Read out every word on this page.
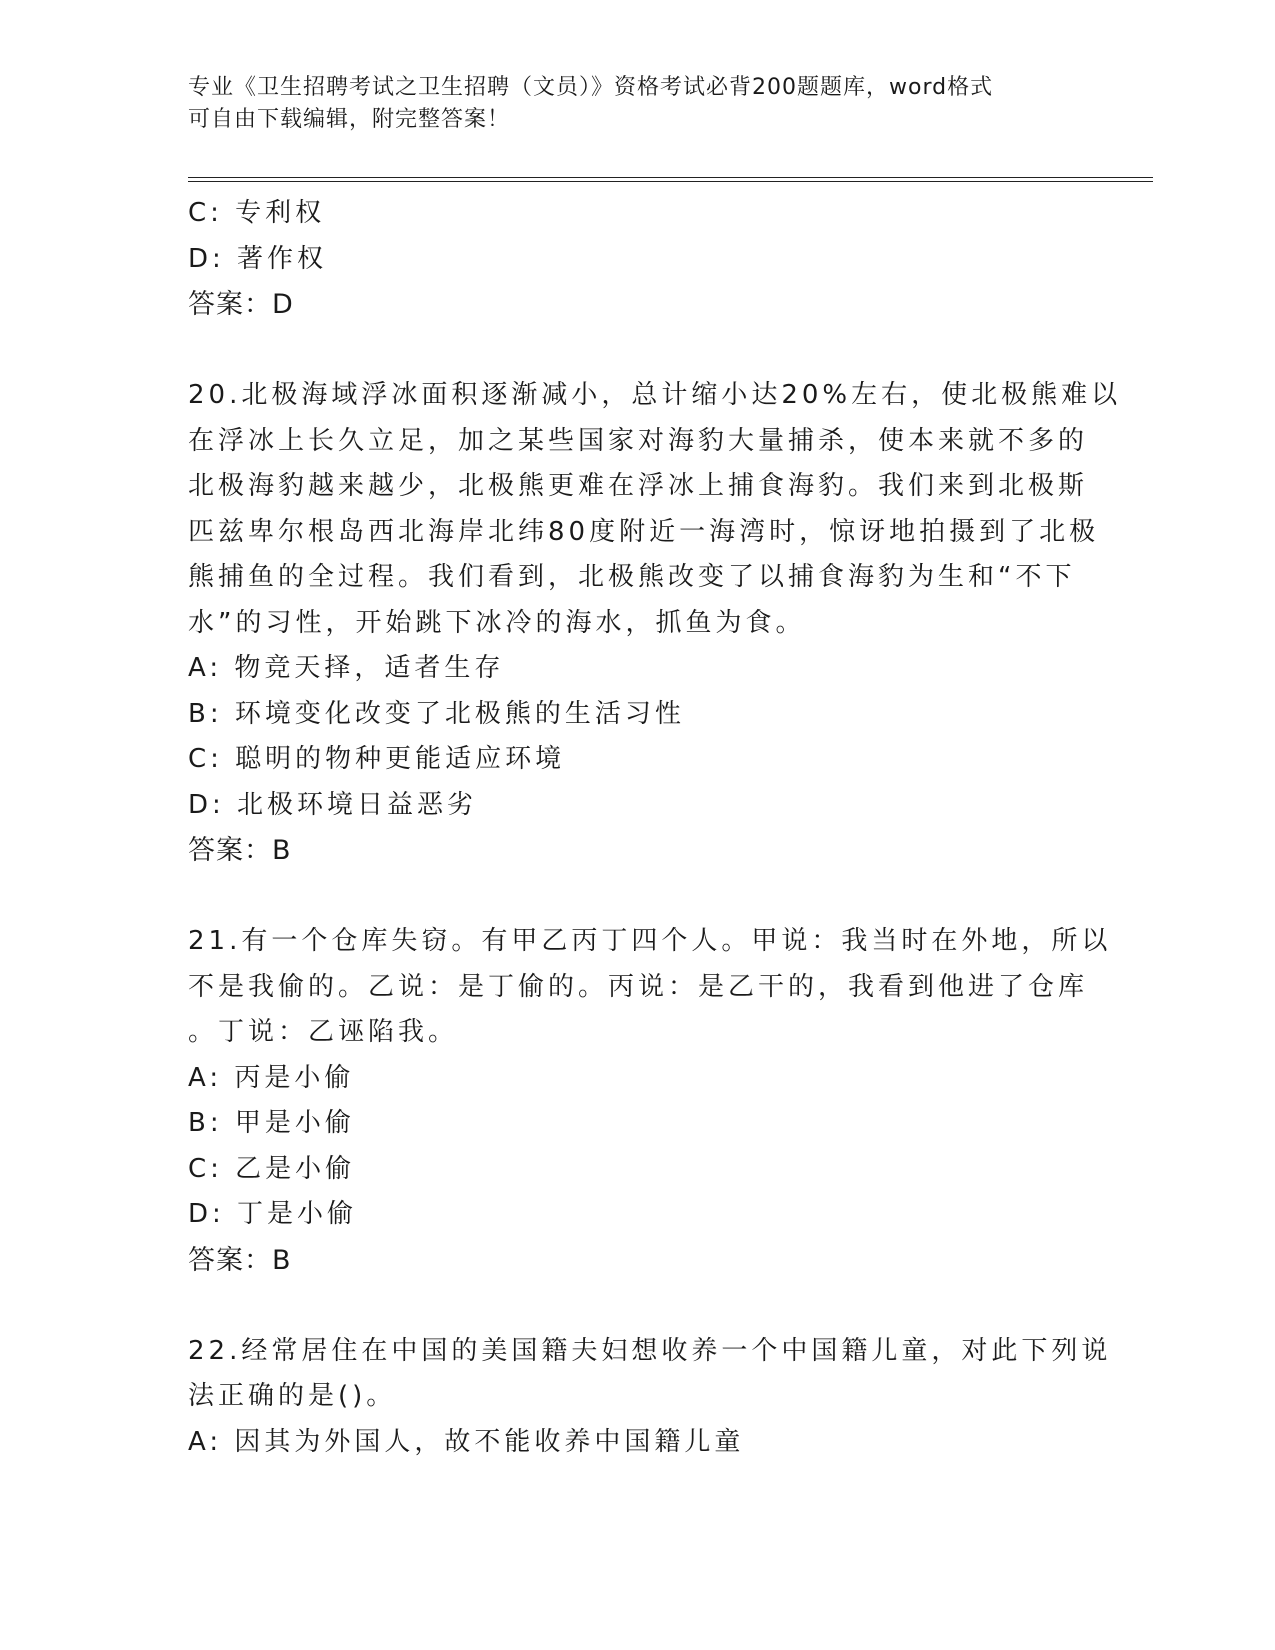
专业《卫生招聘考试之卫生招聘（文员）》资格考试必背200题题库，word格式
可自由下载编辑，附完整答案！
C: 专利权
D: 著作权
答案：D
20.北极海域浮冰面积逐渐减小，总计缩小达20%左右，使北极熊难以
在浮冰上长久立足，加之某些国家对海豹大量捕杀，使本来就不多的
北极海豹越来越少，北极熊更难在浮冰上捕食海豹。我们来到北极斯
匹兹卑尔根岛西北海岸北纬80度附近一海湾时，惊讶地拍摄到了北极
熊捕鱼的全过程。我们看到，北极熊改变了以捕食海豹为生和“不下
水”的习性，开始跳下冰冷的海水，抓鱼为食。
A: 物竞天择，适者生存
B: 环境变化改变了北极熊的生活习性
C: 聪明的物种更能适应环境
D: 北极环境日益恶劣
答案：B
21.有一个仓库失窃。有甲乙丙丁四个人。甲说：我当时在外地，所以
不是我偷的。乙说：是丁偷的。丙说：是乙干的，我看到他进了仓库
。丁说：乙诬陷我。
A: 丙是小偷
B: 甲是小偷
C: 乙是小偷
D: 丁是小偷
答案：B
22.经常居住在中国的美国籍夫妇想收养一个中国籍儿童，对此下列说
法正确的是()。
A: 因其为外国人，故不能收养中国籍儿童
